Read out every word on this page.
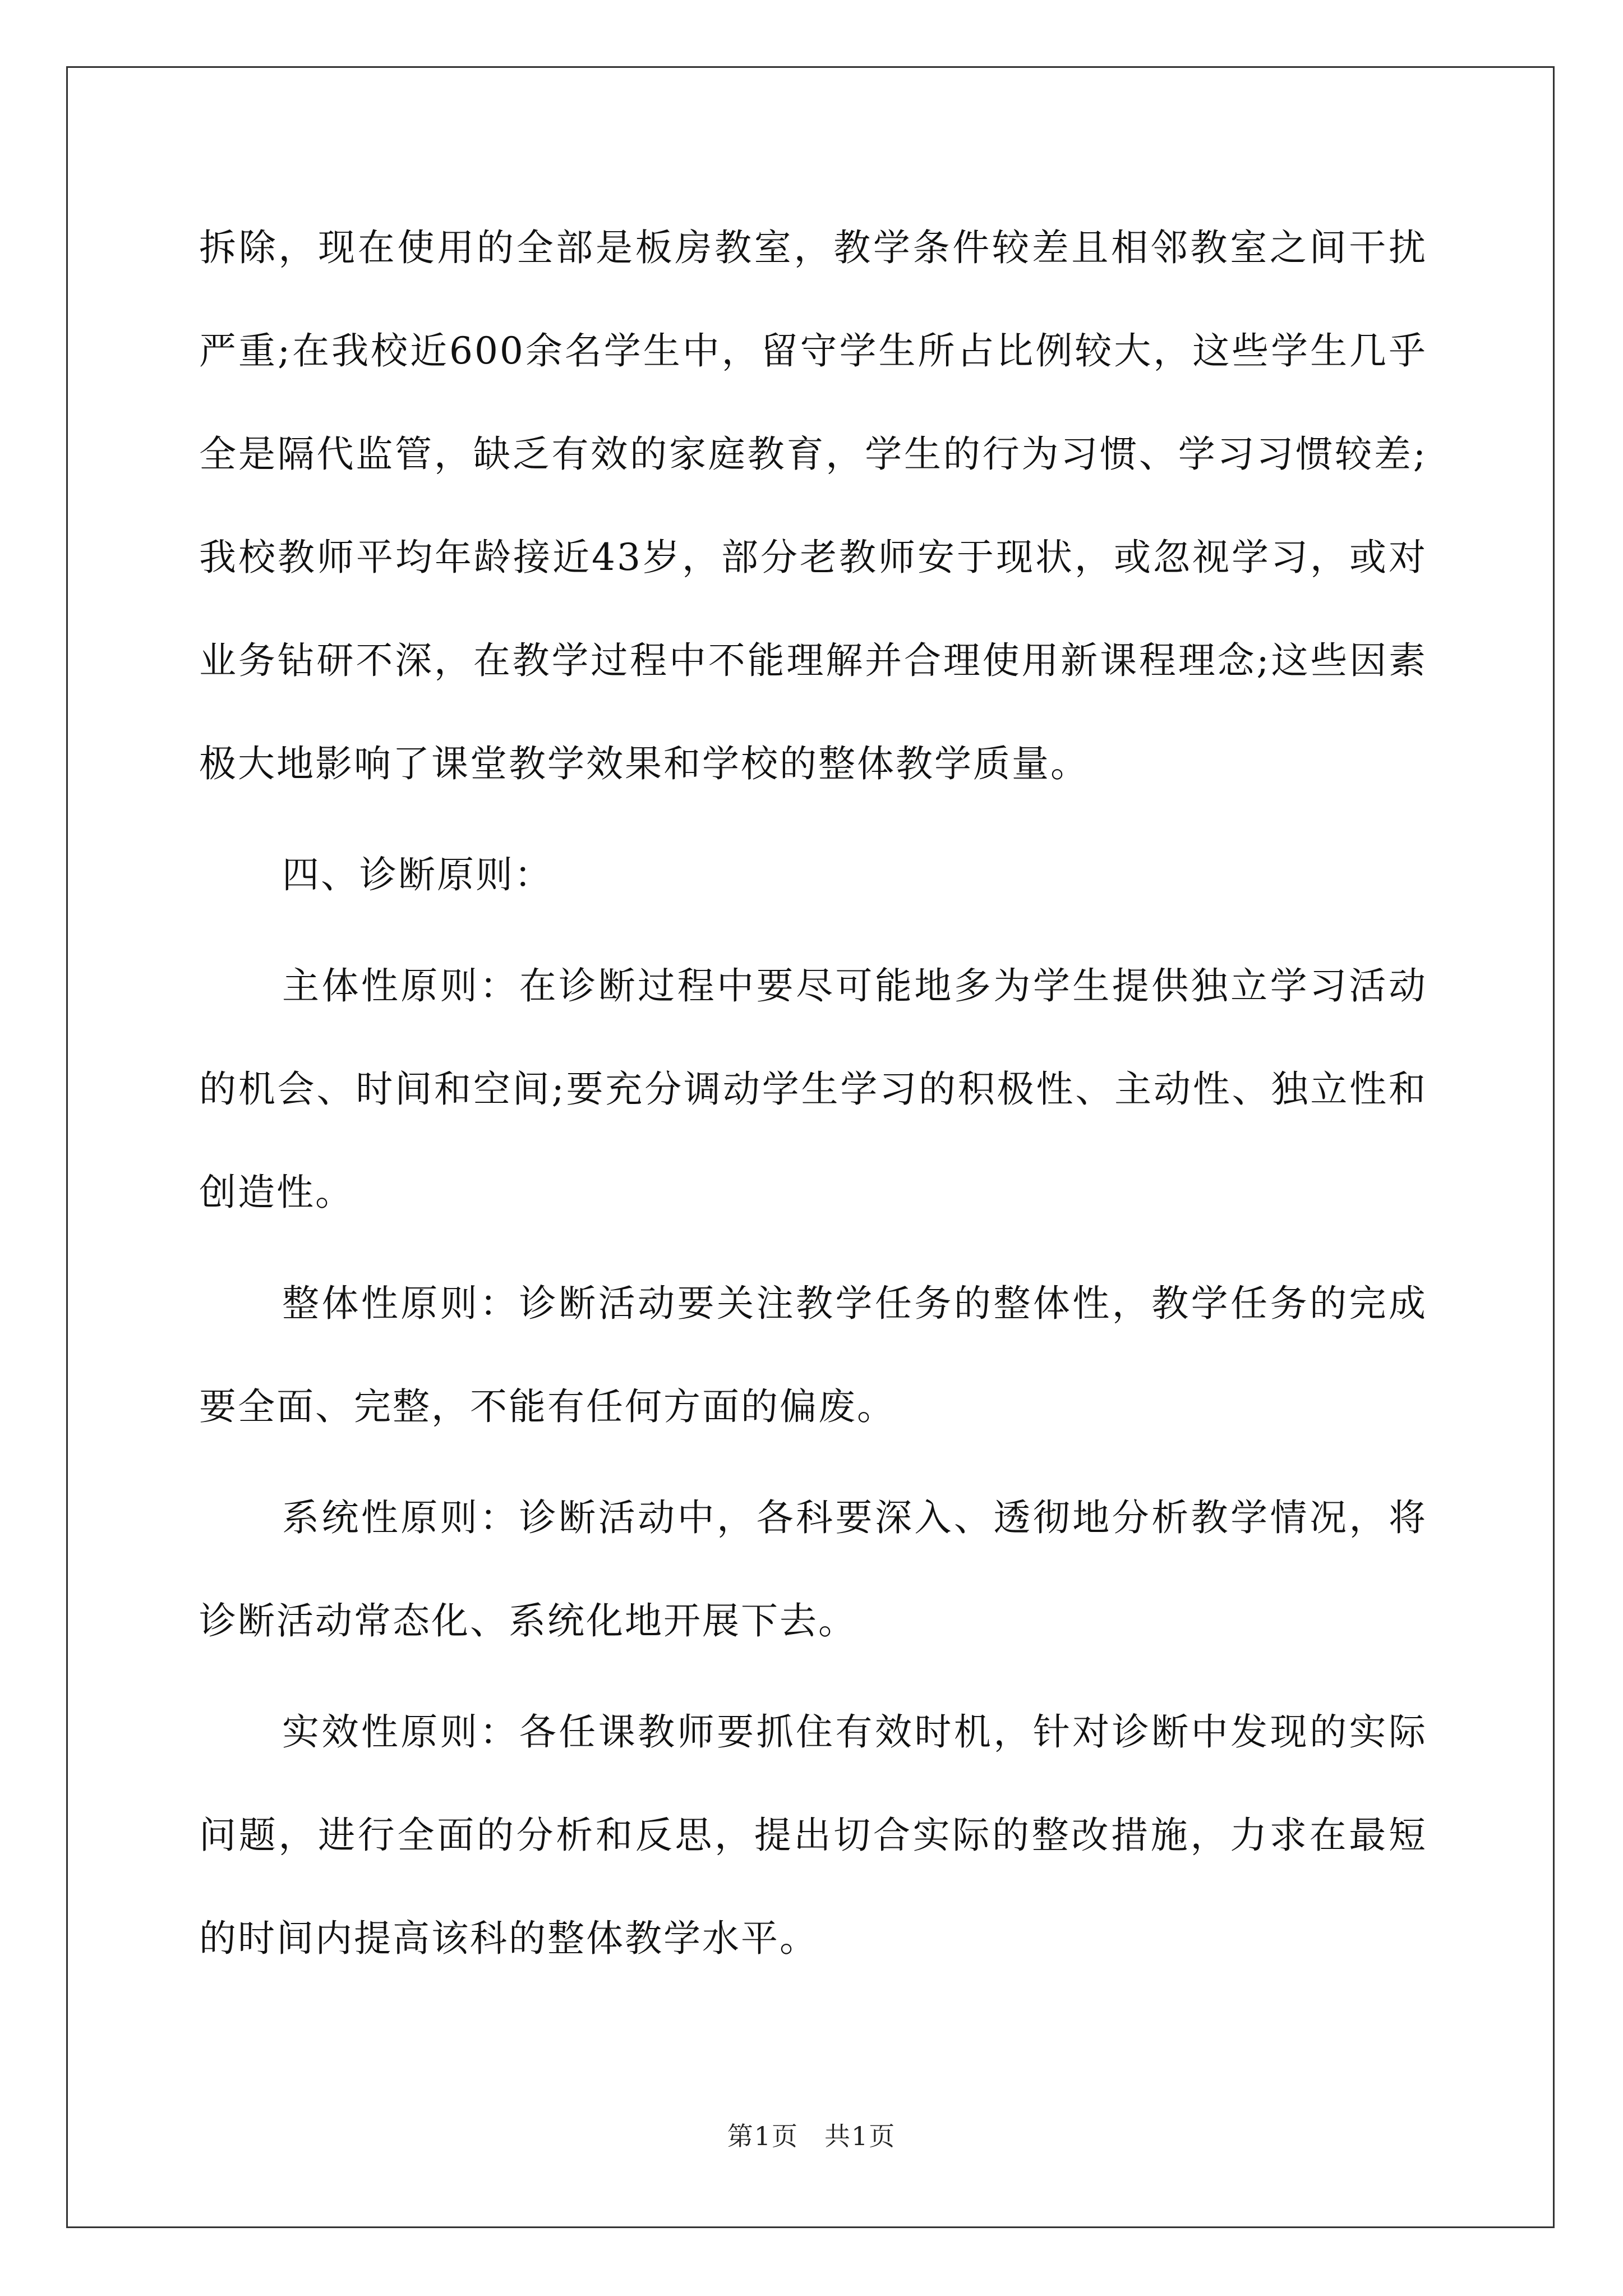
拆除，现在使用的全部是板房教室，教学条件较差且相邻教室之间干扰严重;在我校近600余名学生中，留守学生所占比例较大，这些学生几乎全是隔代监管，缺乏有效的家庭教育，学生的行为习惯、学习习惯较差;我校教师平均年龄接近43岁，部分老教师安于现状，或忽视学习，或对业务钻研不深，在教学过程中不能理解并合理使用新课程理念;这些因素极大地影响了课堂教学效果和学校的整体教学质量。

四、诊断原则：

主体性原则：在诊断过程中要尽可能地多为学生提供独立学习活动的机会、时间和空间;要充分调动学生学习的积极性、主动性、独立性和创造性。

整体性原则：诊断活动要关注教学任务的整体性，教学任务的完成要全面、完整，不能有任何方面的偏废。

系统性原则：诊断活动中，各科要深入、透彻地分析教学情况，将诊断活动常态化、系统化地开展下去。

实效性原则：各任课教师要抓住有效时机，针对诊断中发现的实际问题，进行全面的分析和反思，提出切合实际的整改措施，力求在最短的时间内提高该科的整体教学水平。

第1页 共1页
